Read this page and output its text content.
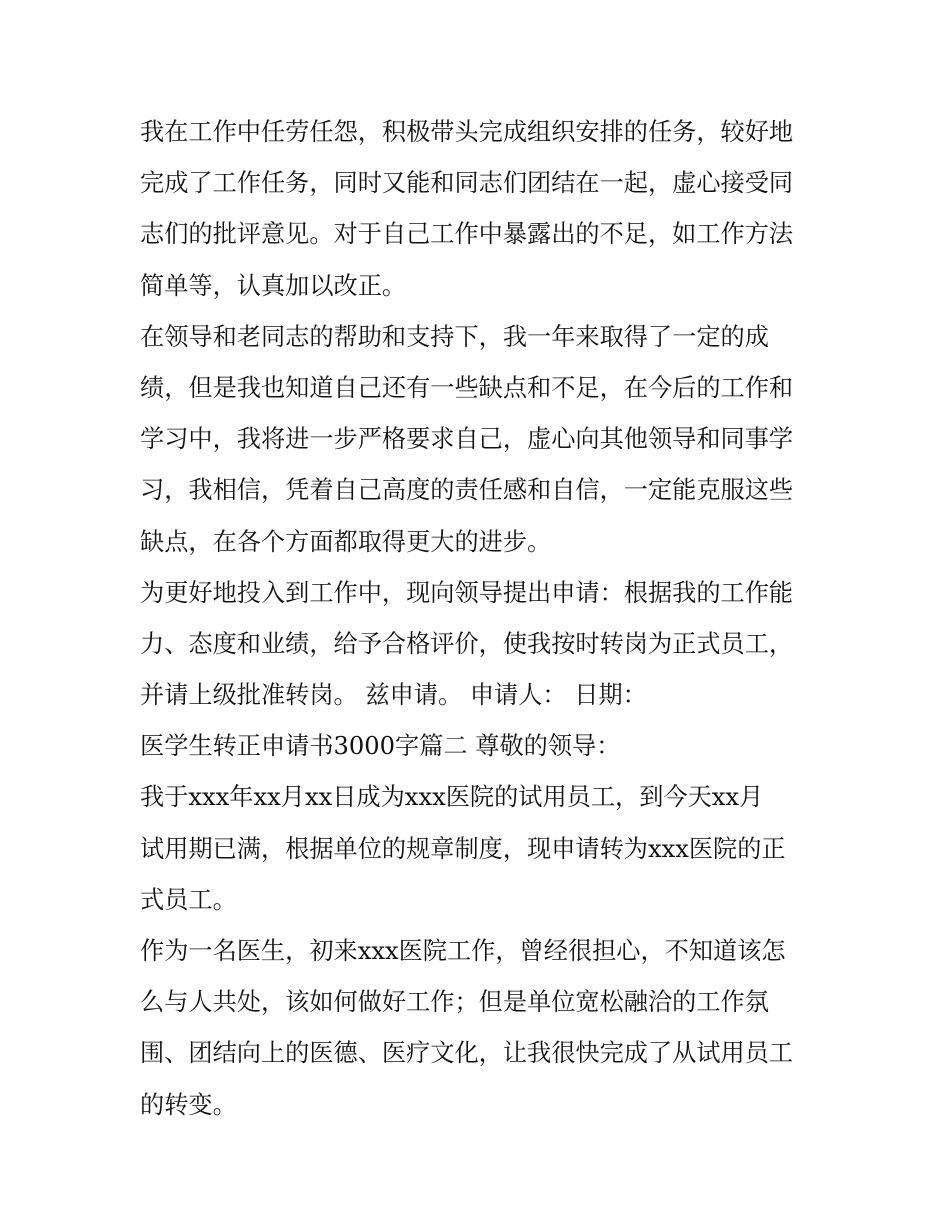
我在工作中任劳任怨，积极带头完成组织安排的任务，较好地
完成了工作任务，同时又能和同志们团结在一起，虚心接受同
志们的批评意见。对于自己工作中暴露出的不足，如工作方法
简单等，认真加以改正。
在领导和老同志的帮助和支持下，我一年来取得了一定的成
绩，但是我也知道自己还有一些缺点和不足，在今后的工作和
学习中，我将进一步严格要求自己，虚心向其他领导和同事学
习，我相信，凭着自己高度的责任感和自信，一定能克服这些
缺点，在各个方面都取得更大的进步。
为更好地投入到工作中，现向领导提出申请：根据我的工作能
力、态度和业绩，给予合格评价，使我按时转岗为正式员工，
并请上级批准转岗。 兹申请。 申请人： 日期：
医学生转正申请书3000字篇二 尊敬的领导：
我于xxx年xx月xx日成为xxx医院的试用员工，到今天xx月
试用期已满，根据单位的规章制度，现申请转为xxx医院的正
式员工。
作为一名医生，初来xxx医院工作，曾经很担心，不知道该怎
么与人共处，该如何做好工作；但是单位宽松融洽的工作氛
围、团结向上的医德、医疗文化，让我很快完成了从试用员工
的转变。
